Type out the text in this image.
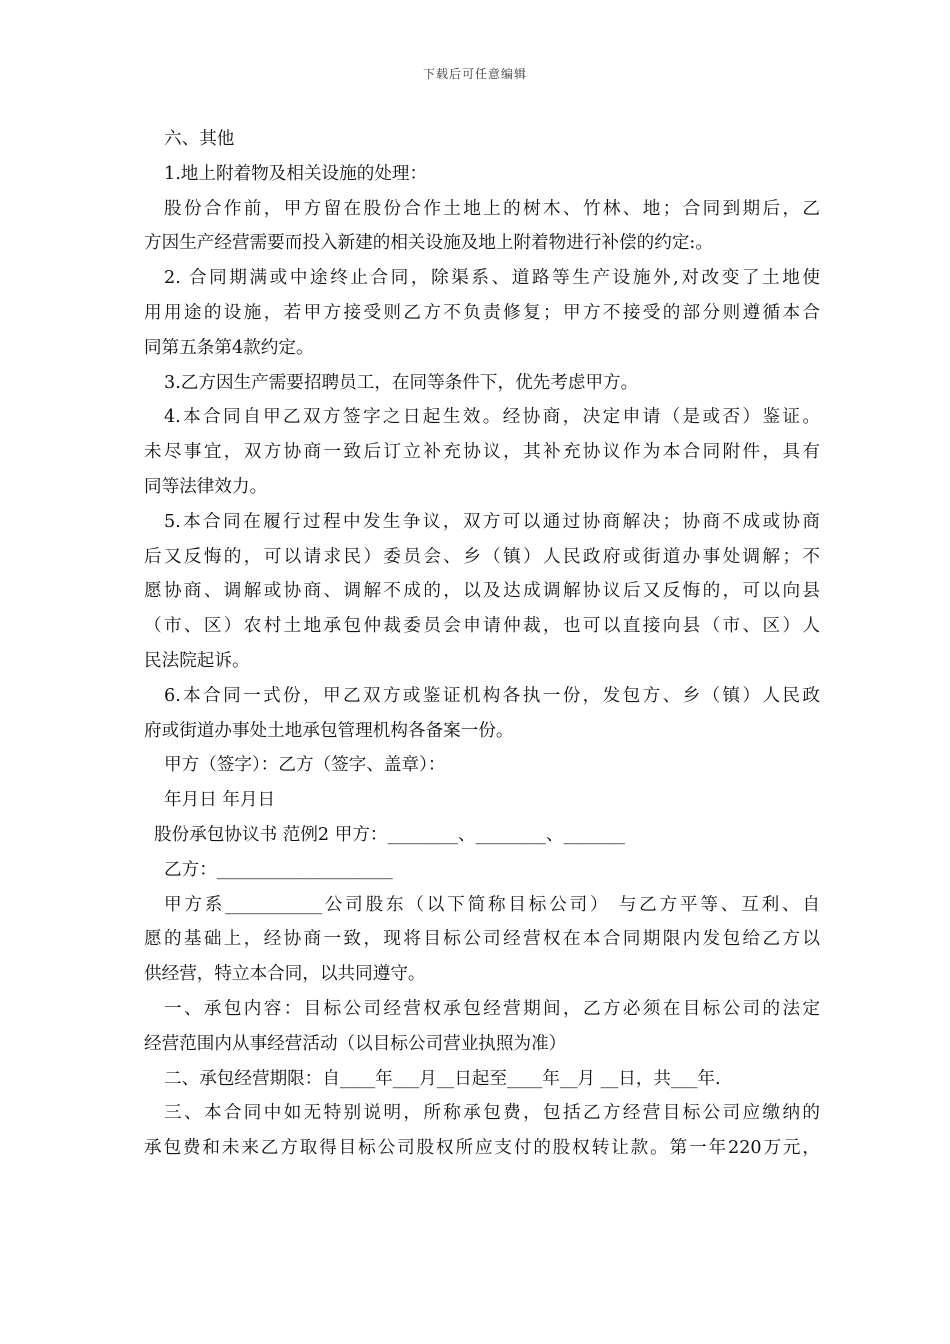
下载后可任意编辑
六、其他
1.地上附着物及相关设施的处理：
股份合作前，甲方留在股份合作土地上的树木、竹林、地；合同到期后，乙
方因生产经营需要而投入新建的相关设施及地上附着物进行补偿的约定:。
2. 合同期满或中途终止合同，除渠系、道路等生产设施外,对改变了土地使
用用途的设施，若甲方接受则乙方不负责修复；甲方不接受的部分则遵循本合
同第五条第4款约定。
3.乙方因生产需要招聘员工，在同等条件下，优先考虑甲方。
4.本合同自甲乙双方签字之日起生效。经协商，决定申请（是或否）鉴证。
未尽事宜，双方协商一致后订立补充协议，其补充协议作为本合同附件，具有
同等法律效力。
5.本合同在履行过程中发生争议，双方可以通过协商解决；协商不成或协商
后又反悔的，可以请求民）委员会、乡（镇）人民政府或街道办事处调解；不
愿协商、调解或协商、调解不成的，以及达成调解协议后又反悔的，可以向县
（市、区）农村土地承包仲裁委员会申请仲裁，也可以直接向县（市、区）人
民法院起诉。
6.本合同一式份，甲乙双方或鉴证机构各执一份，发包方、乡（镇）人民政
府或街道办事处土地承包管理机构各备案一份。
甲方（签字）：乙方（签字、盖章）：
年月日 年月日
股份承包协议书 范例2 甲方：________、________、_______
乙方：____________________
甲方系___________公司股东（以下简称目标公司） 与乙方平等、互利、自
愿的基础上，经协商一致，现将目标公司经营权在本合同期限内发包给乙方以
供经营，特立本合同，以共同遵守。
一、承包内容：目标公司经营权承包经营期间，乙方必须在目标公司的法定
经营范围内从事经营活动（以目标公司营业执照为准）
二、承包经营期限：自____年___月__日起至____年__月 __日，共___年.
三、本合同中如无特别说明，所称承包费，包括乙方经营目标公司应缴纳的
承包费和未来乙方取得目标公司股权所应支付的股权转让款。第一年220万元，
